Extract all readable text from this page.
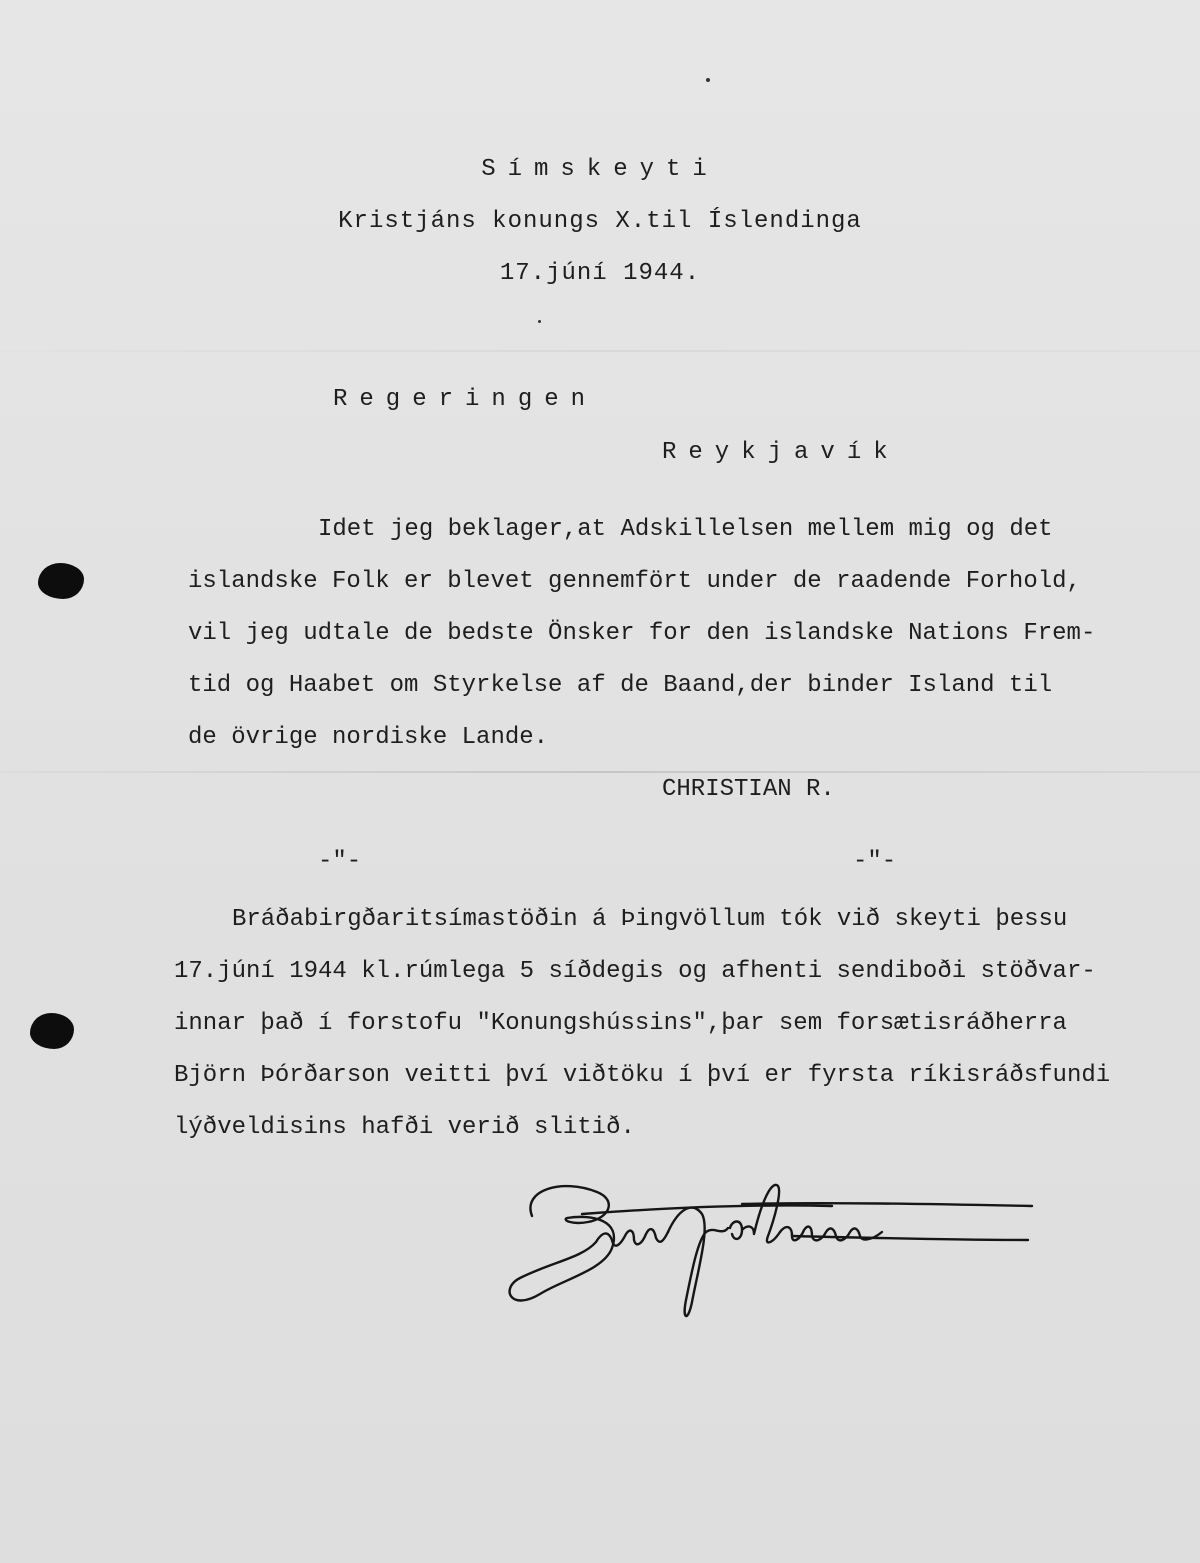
Símskeyti
Kristjáns konungs X.til Íslendinga
17.júní 1944.
Regeringen
Reykjavík
Idet jeg beklager,at Adskillelsen mellem mig og det
islandske Folk er blevet gennemfört under de raadende Forhold,
vil jeg udtale de bedste Önsker for den islandske Nations Frem-
tid og Haabet om Styrkelse af de Baand,der binder Island til
de övrige nordiske Lande.
CHRISTIAN R.
-"-	-"-
Bráðabirgðaritsímastöðin á Þingvöllum tók við skeyti þessu
17.júní 1944 kl.rúmlega 5 síðdegis og afhenti sendiboði stöðvar-
innar það í forstofu "Konungshússins",þar sem forsætisráðherra
Björn Þórðarson veitti því viðtöku í því er fyrsta ríkisráðsfundi
lýðveldisins hafði verið slitið.
